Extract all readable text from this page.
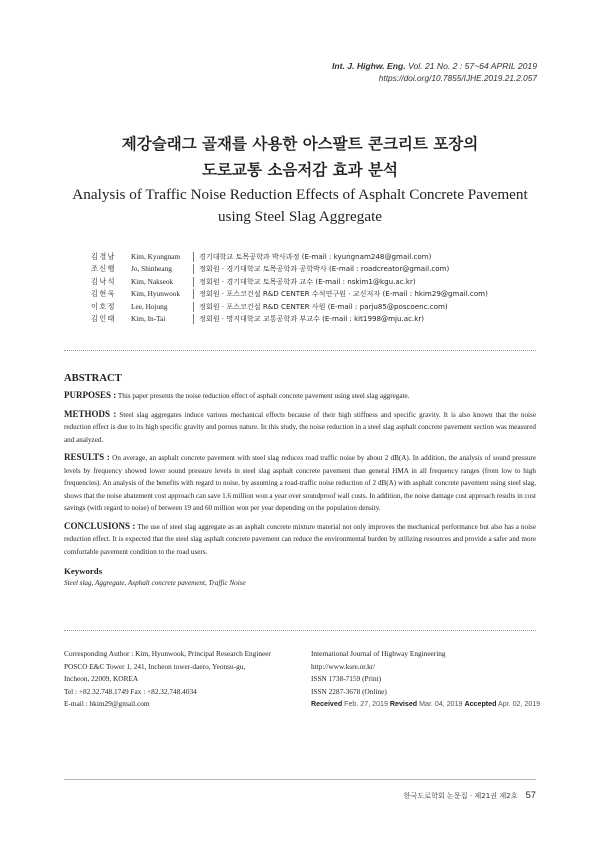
Int. J. Highw. Eng. Vol. 21 No. 2 : 57~64 APRIL 2019
https://doi.org/10.7855/IJHE.2019.21.2.057
제강슬래그 골재를 사용한 아스팔트 콘크리트 포장의
도로교통 소음저감 효과 분석
Analysis of Traffic Noise Reduction Effects of Asphalt Concrete Pavement
using Steel Slag Aggregate
김경남 Kim, Kyungnam	경기대학교 토목공학과 박사과정 (E-mail : kyungnam248@gmail.com)
조신행 Jo, Shinheang	정회원 · 경기대학교 토목공학과 공학박사 (E-mail : roadcreator@gmail.com)
김낙석 Kim, Nakseok	정회원 · 경기대학교 토목공학과 교수 (E-mail : nskim1@kgu.ac.kr)
김현욱 Kim, Hyunwook	정회원 · 포스코건설 R&D CENTER 수석연구원 · 교신저자 (E-mail : hkim29@gmail.com)
이호정 Lee, Hojung	정회원 · 포스코건설 R&D CENTER 사원 (E-mail : parju85@poscoenc.com)
김인태 Kim, In-Tai	정회원 · 명지대학교 교통공학과 부교수 (E-mail : kit1998@mju.ac.kr)
ABSTRACT

PURPOSES : This paper presents the noise reduction effect of asphalt concrete pavement using steel slag aggregate.

METHODS : Steel slag aggregates induce various mechanical effects because of their high stiffness and specific gravity. It is also known that the noise reduction effect is due to its high specific gravity and porous nature. In this study, the noise reduction in a steel slag asphalt concrete pavement section was measured and analyzed.

RESULTS : On average, an asphalt concrete pavement with steel slag reduces road traffic noise by about 2 dB(A). In addition, the analysis of sound pressure levels by frequency showed lower sound pressure levels in steel slag asphalt concrete pavement than general HMA in all frequency ranges (from low to high frequencies). An analysis of the benefits with regard to noise, by assuming a road-traffic noise reduction of 2 dB(A) with asphalt concrete pavement using steel slag, shows that the noise abatement cost approach can save 1.6 million won a year over soundproof wall costs. In addition, the noise damage cost approach results in cost savings (with regard to noise) of between 19 and 60 million won per year depending on the population density.

CONCLUSIONS : The use of steel slag aggregate as an asphalt concrete mixture material not only improves the mechanical performance but also has a noise reduction effect. It is expected that the steel slag asphalt concrete pavement can reduce the environmental burden by utilizing resources and provide a safer and more comfortable pavement condition to the road users.

Keywords
Steel slag, Aggregate, Asphalt concrete pavement, Traffic Noise
Corresponding Author : Kim, Hyunwook, Principal Research Engineer
POSCO E&C Tower 1, 241, Incheon tower-daero, Yeonsu-gu,
Incheon, 22009, KOREA
Tel : +82.32.748.1749 Fax : +82.32.748.4034
E-mail : hkim29@gmail.com
International Journal of Highway Engineering
http://www.ksre.or.kr/
ISSN 1738-7159 (Print)
ISSN 2287-3678 (Online)
Received Feb. 27, 2019 Revised Mar. 04, 2019 Accepted Apr. 02, 2019
한국도로학회 논문집 · 제21권 제2호 57
